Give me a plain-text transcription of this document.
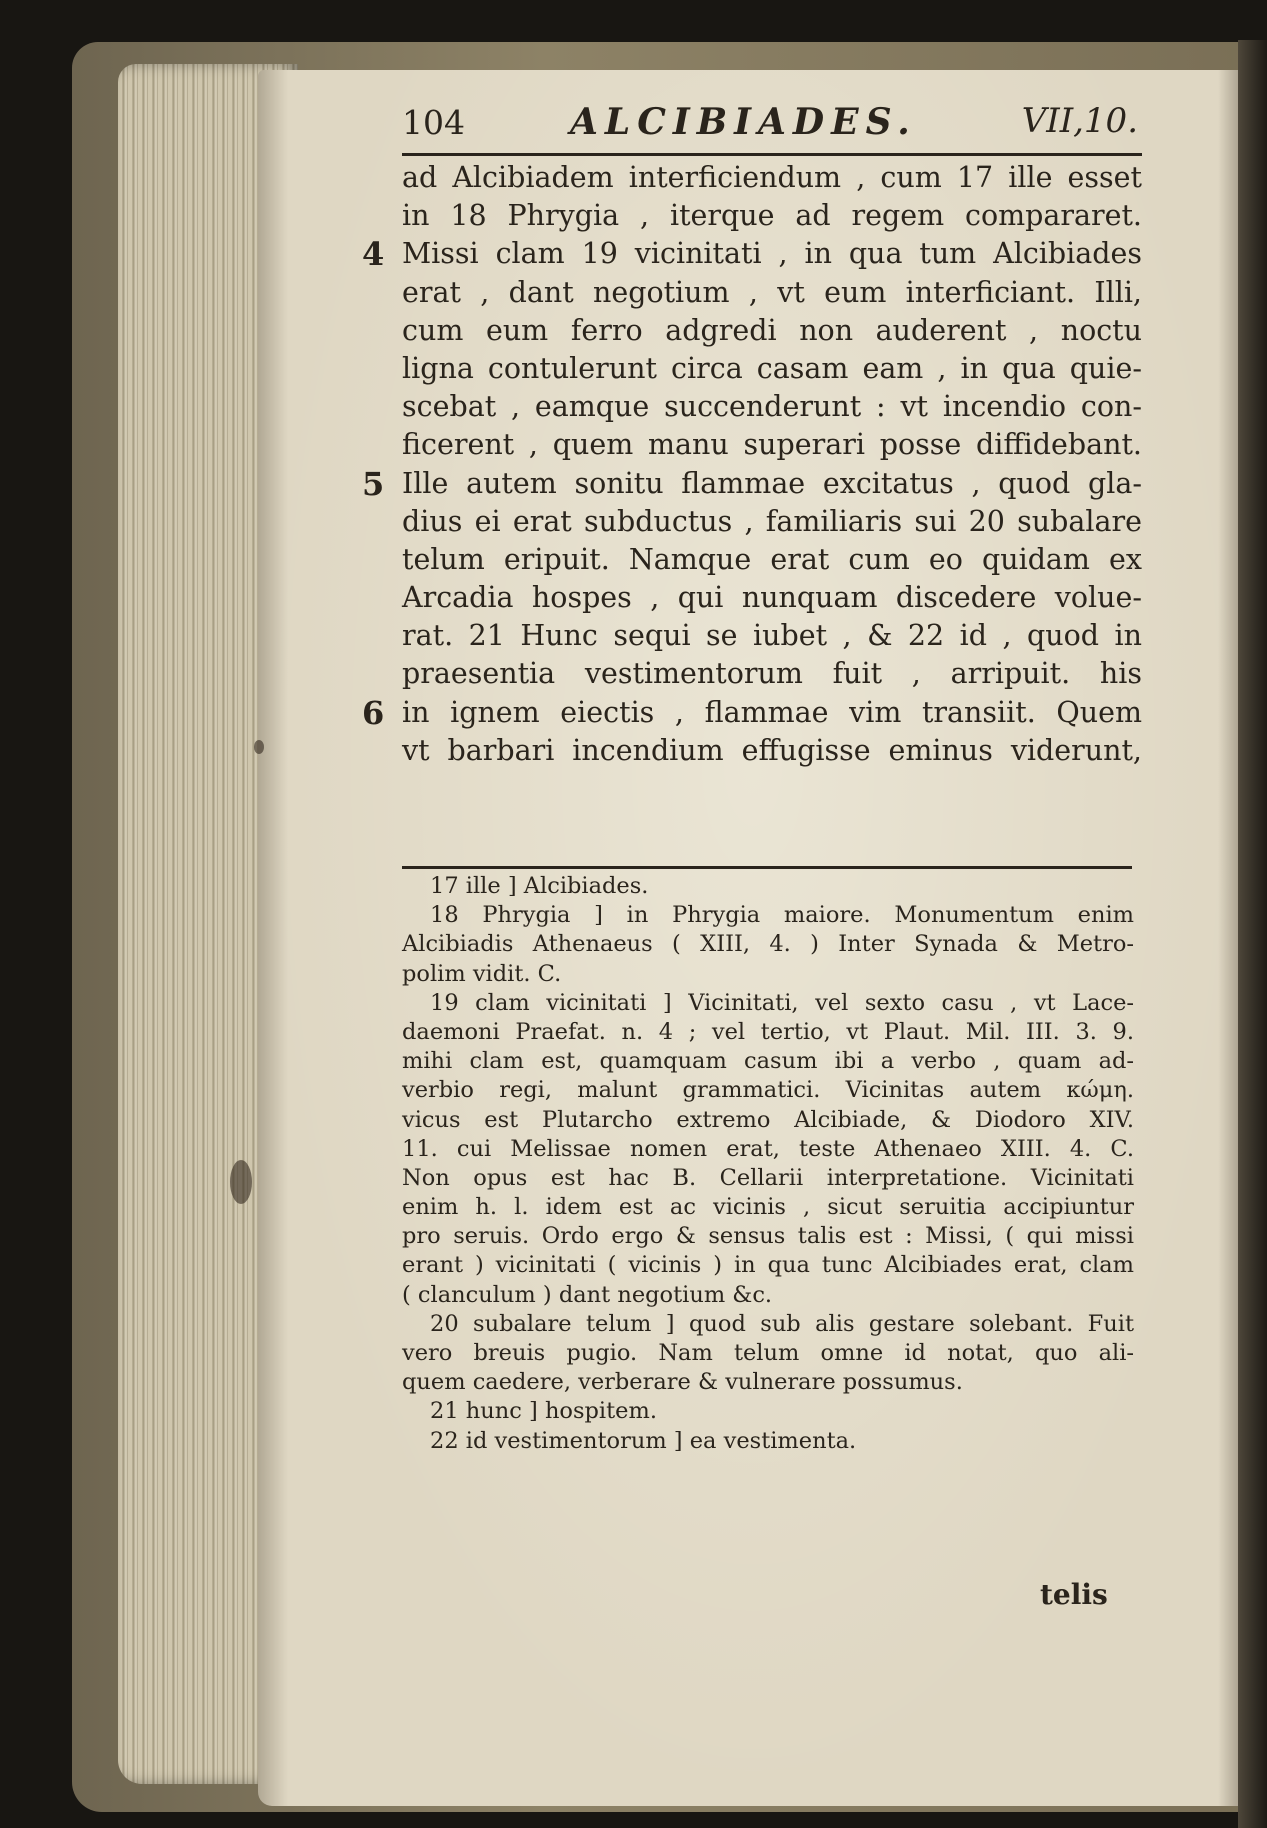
104	ALCIBIADES.	VII,10.
ad Alcibiadem interficiendum , cum 17 ille esset
in 18 Phrygia , iterque ad regem compararet.
4 Missi clam 19 vicinitati , in qua tum Alcibiades
erat , dant negotium , vt eum interficiant. Illi,
cum eum ferro adgredi non auderent , noctu
ligna contulerunt circa casam eam , in qua quie-
scebat , eamque succenderunt : vt incendio con-
ficerent , quem manu superari posse diffidebant.
5 Ille autem sonitu flammae excitatus , quod gla-
dius ei erat subductus , familiaris sui 20 subalare
telum eripuit. Namque erat cum eo quidam ex
Arcadia hospes , qui nunquam discedere volue-
rat. 21 Hunc sequi se iubet , & 22 id , quod in
praesentia vestimentorum fuit , arripuit. his
6 in ignem eiectis , flammae vim transiit. Quem
vt barbari incendium effugisse eminus viderunt,
17 ille ] Alcibiades.
18 Phrygia ] in Phrygia maiore. Monumentum enim
Alcibiadis Athenaeus ( XIII, 4. ) Inter Synada & Metro-
polim vidit. C.
19 clam vicinitati ] Vicinitati, vel sexto casu , vt Lace-
daemoni Praefat. n. 4 ; vel tertio, vt Plaut. Mil. III. 3. 9.
mihi clam est, quamquam casum ibi a verbo , quam ad-
verbio regi, malunt grammatici. Vicinitas autem κώμη.
vicus est Plutarcho extremo Alcibiade, & Diodoro XIV.
11. cui Melissae nomen erat, teste Athenaeo XIII. 4. C.
Non opus est hac B. Cellarii interpretatione. Vicinitati
enim h. l. idem est ac vicinis , sicut seruitia accipiuntur
pro seruis. Ordo ergo & sensus talis est : Missi, ( qui missi
erant ) vicinitati ( vicinis ) in qua tunc Alcibiades erat, clam
( clanculum ) dant negotium &c.
20 subalare telum ] quod sub alis gestare solebant. Fuit
vero breuis pugio. Nam telum omne id notat, quo ali-
quem caedere, verberare & vulnerare possumus.
21 hunc ] hospitem.
22 id vestimentorum ] ea vestimenta.
telis
